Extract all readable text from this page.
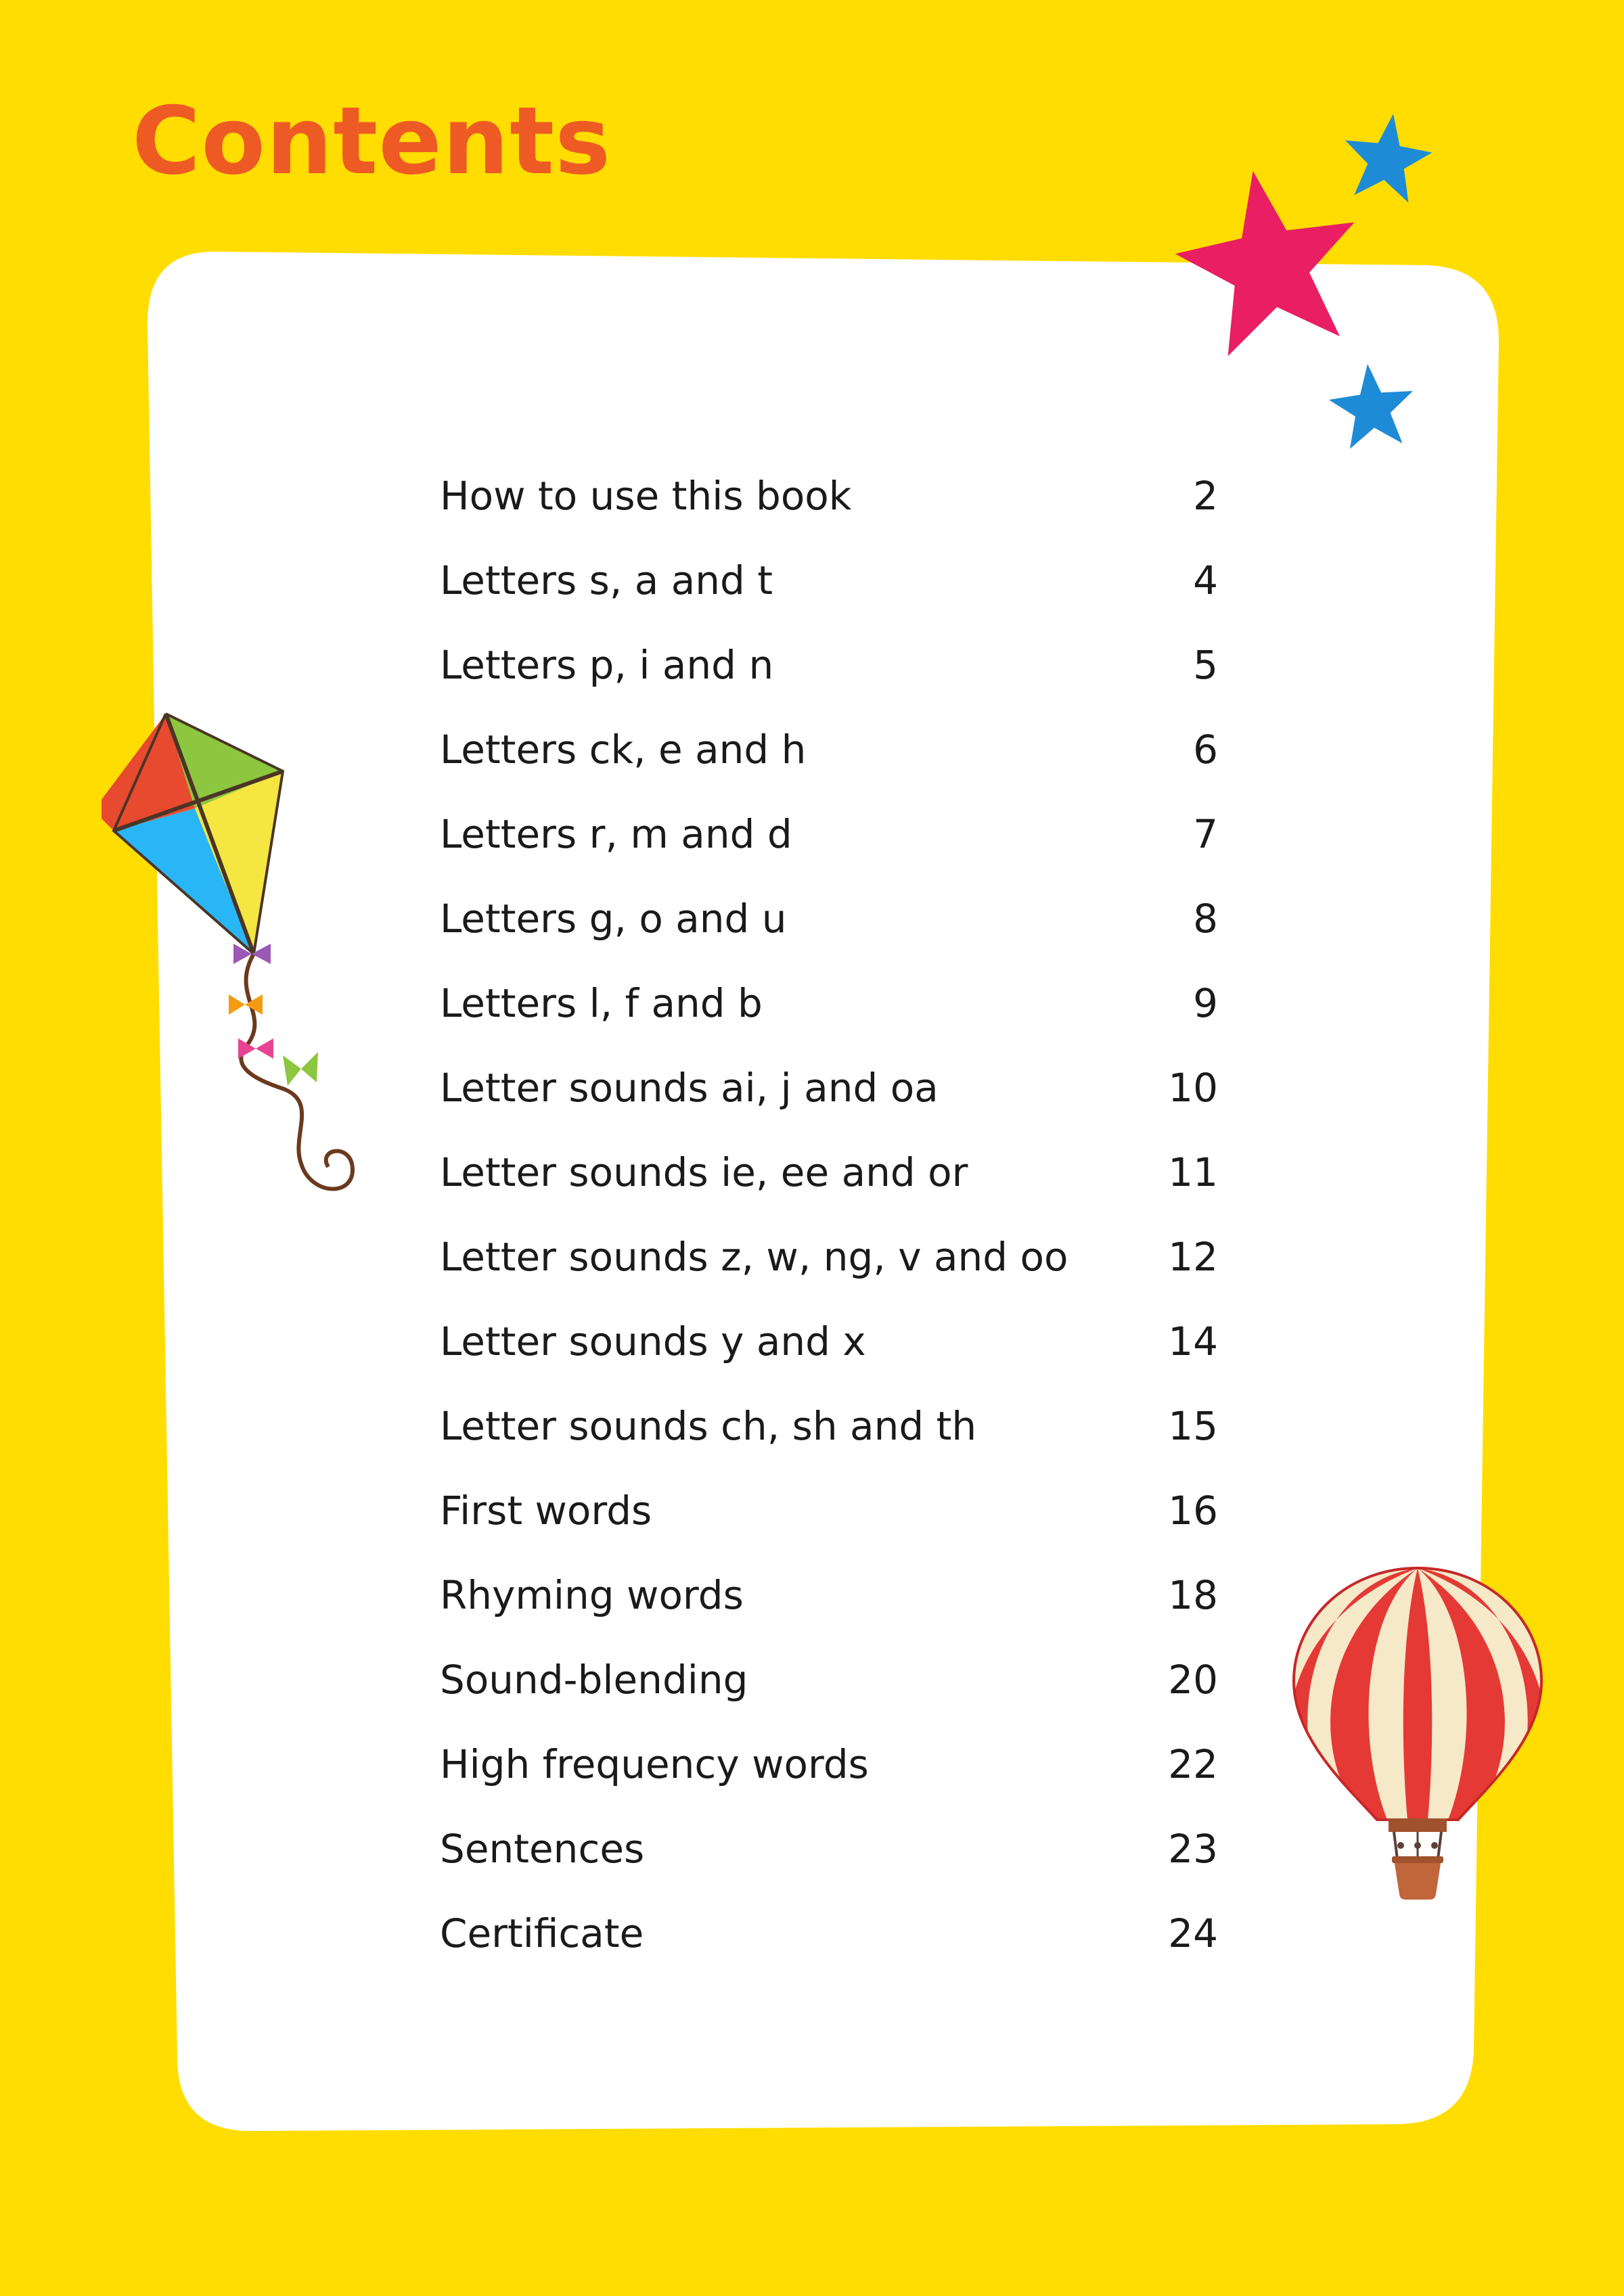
Contents
How to use this book	2
Letters s, a and t	4
Letters p, i and n	5
Letters ck, e and h	6
Letters r, m and d	7
Letters g, o and u	8
Letters l, f and b	9
Letter sounds ai, j and oa	10
Letter sounds ie, ee and or	11
Letter sounds z, w, ng, v and oo	12
Letter sounds y and x	14
Letter sounds ch, sh and th	15
First words	16
Rhyming words	18
Sound-blending	20
High frequency words	22
Sentences	23
Certificate	24
